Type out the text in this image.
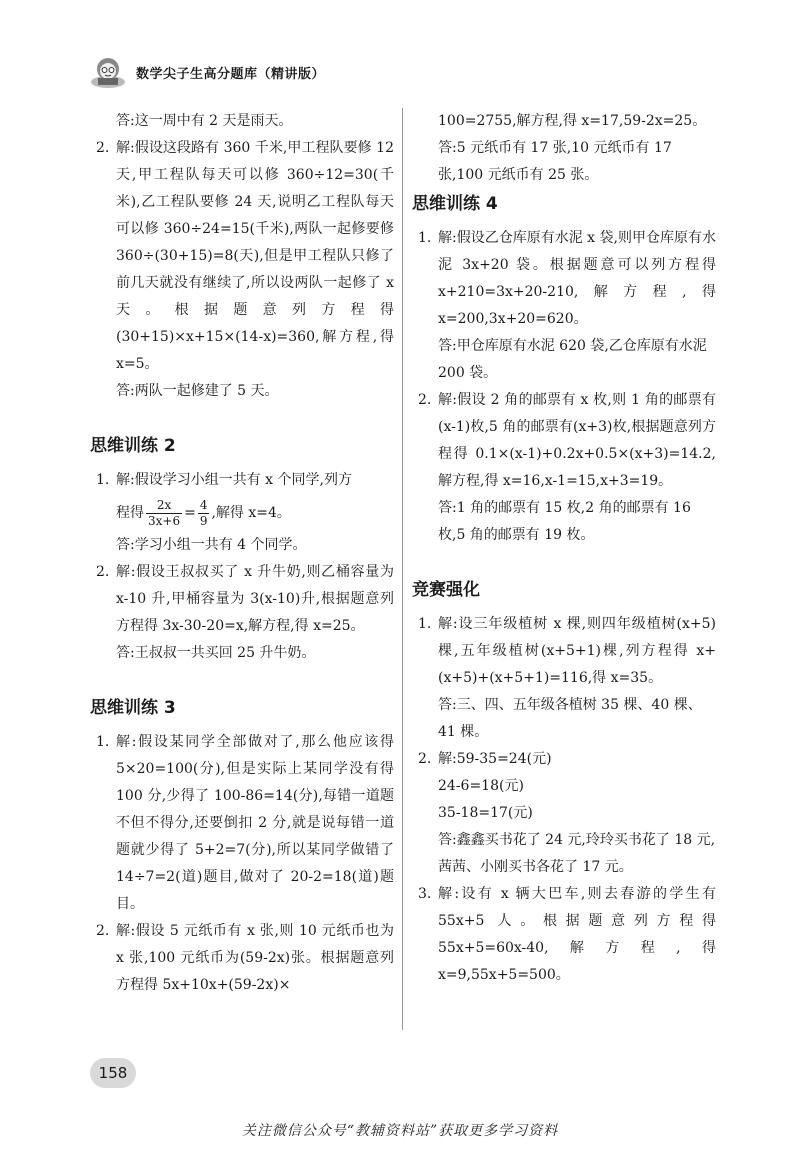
数学尖子生高分题库（精讲版）

答:这一周中有 2 天是雨天。

2. 解:假设这段路有 360 千米,甲工程队要修 12 天,甲工程队每天可以修 360÷12=30(千米),乙工程队要修 24 天,说明乙工程队每天可以修 360÷24=15(千米),两队一起修要修 360÷(30+15)=8(天),但是甲工程队只修了前几天就没有继续了,所以设两队一起修了 x 天。根据题意列方程得(30+15)×x+15×(14-x)=360,解方程,得 x=5。

答:两队一起修建了 5 天。

思维训练 2
1. 解:假设学习小组一共有 x 个同学,列方

程得 $\frac{2x}{3x+6} = \frac{4}{9}$ ,解得 x=4。

答:学习小组一共有 4 个同学。

2. 解:假设王叔叔买了 x 升牛奶,则乙桶容量为 x-10 升,甲桶容量为 3(x-10)升,根据题意列方程得 3x-30-20=x,解方程,得 x=25。

答:王叔叔一共买回 25 升牛奶。

思维训练 3
1. 解:假设某同学全部做对了,那么他应该得 5×20=100(分),但是实际上某同学没有得 100 分,少得了 100-86=14(分),每错一道题不但不得分,还要倒扣 2 分,就是说每错一道题就少得了 5+2=7(分),所以某同学做错了 14÷7=2(道)题目,做对了 20-2=18(道)题目。
2. 解:假设 5 元纸币有 x 张,则 10 元纸币也为 x 张,100 元纸币为(59-2x)张。根据题意列方程得 5x+10x+(59-2x)×

100=2755,解方程,得 x=17,59-2x=25。

答:5 元纸币有 17 张,10 元纸币有 17 张,100 元纸币有 25 张。

思维训练 4
1. 解:假设乙仓库原有水泥 x 袋,则甲仓库原有水泥 3x+20 袋。根据题意可以列方程得 x+210=3x+20-210,解方程,得 x=200,3x+20=620。

答:甲仓库原有水泥 620 袋,乙仓库原有水泥 200 袋。

2. 解:假设 2 角的邮票有 x 枚,则 1 角的邮票有(x-1)枚,5 角的邮票有(x+3)枚,根据题意列方程得 0.1×(x-1)+0.2x+0.5×(x+3)=14.2,解方程,得 x=16,x-1=15,x+3=19。

答:1 角的邮票有 15 枚,2 角的邮票有 16 枚,5 角的邮票有 19 枚。

竞赛强化
1. 解:设三年级植树 x 棵,则四年级植树(x+5)棵,五年级植树(x+5+1)棵,列方程得 x+(x+5)+(x+5+1)=116,得 x=35。

答:三、四、五年级各植树 35 棵、40 棵、41 棵。

2. 解:59-35=24(元)

24-6=18(元)

35-18=17(元)

答:鑫鑫买书花了 24 元,玲玲买书花了 18 元,茜茜、小刚买书各花了 17 元。

3. 解:设有 x 辆大巴车,则去春游的学生有 55x+5 人。根据题意列方程得 55x+5=60x-40,解方程,得 x=9,55x+5=500。
158
关注微信公众号“教辅资料站”获取更多学习资料
